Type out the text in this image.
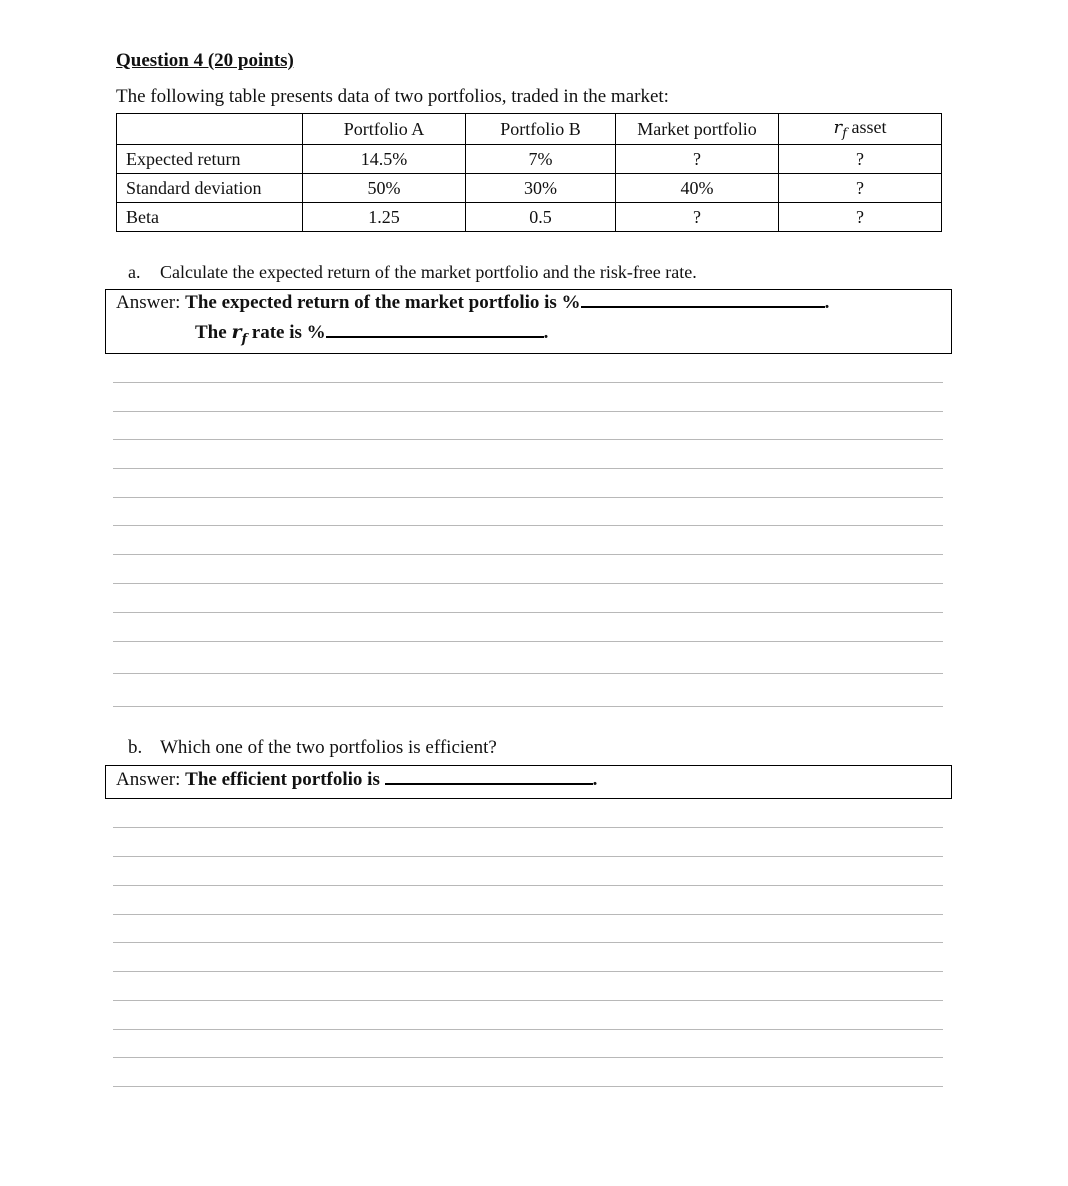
Question 4 (20 points)
The following table presents data of two portfolios, traded in the market:
	Portfolio A	Portfolio B	Market portfolio	$r_f$ asset
Expected return	14.5%	7%	?	?
Standard deviation	50%	30%	40%	?
Beta	1.25	0.5	?	?
a. Calculate the expected return of the market portfolio and the risk-free rate.
Answer: The expected return of the market portfolio is %	.
The $r_f$ rate is %	.
b. Which one of the two portfolios is efficient?
Answer: The efficient portfolio is	.
